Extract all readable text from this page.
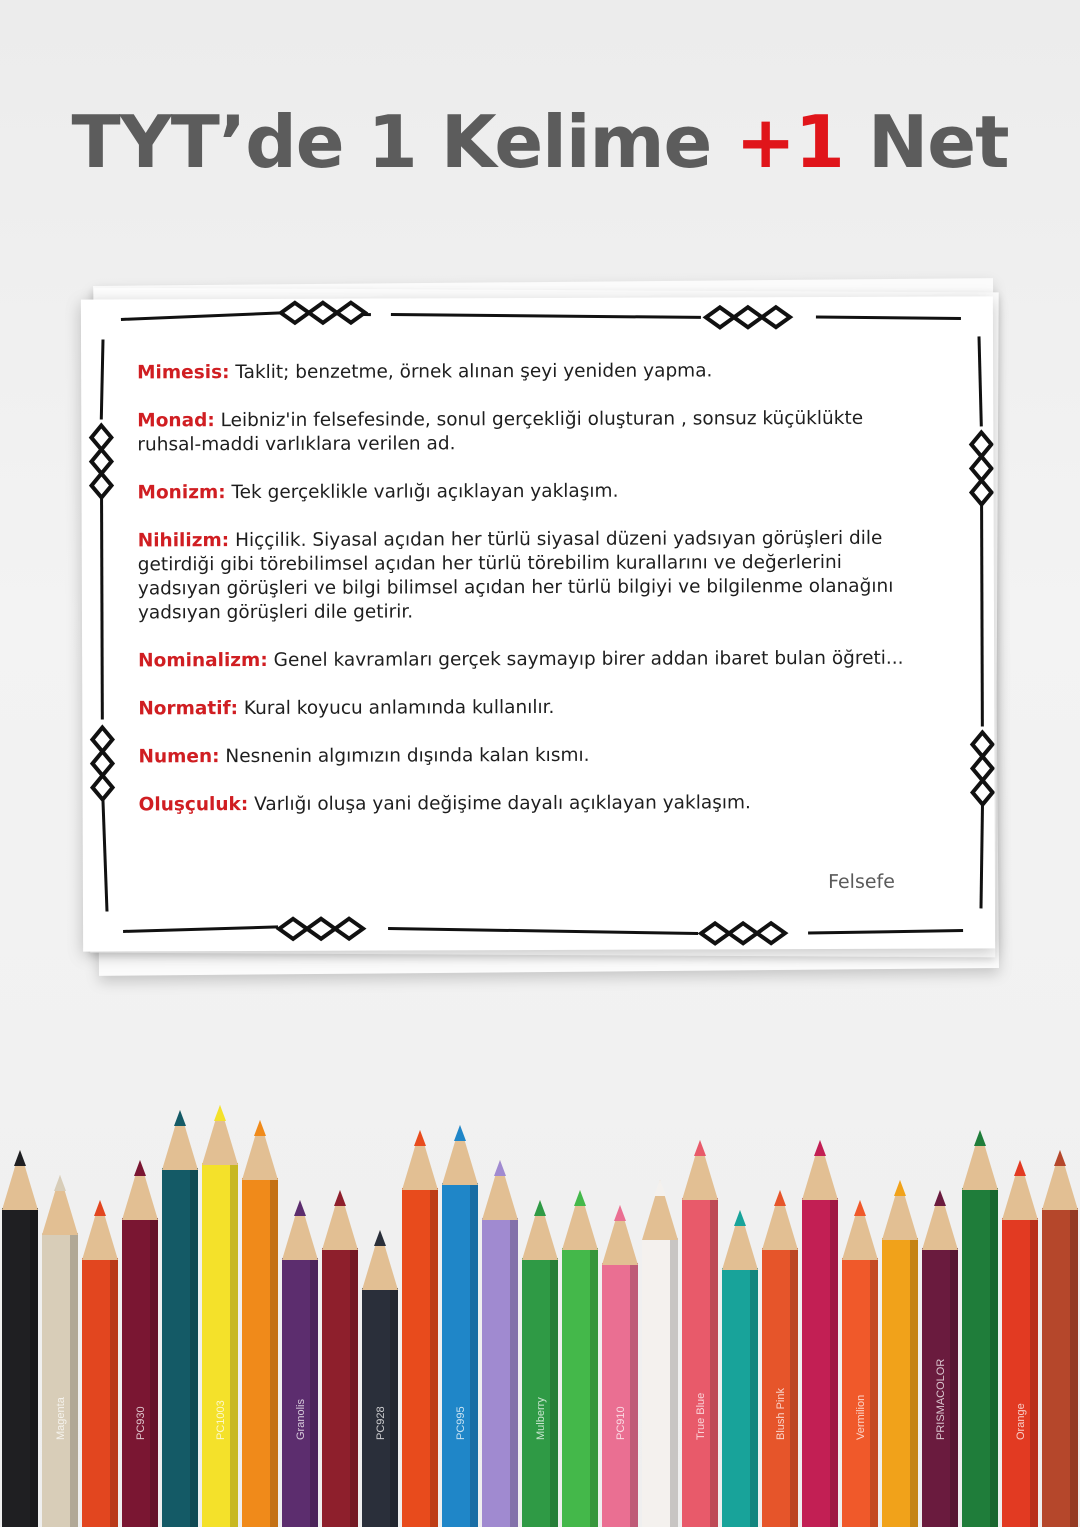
TYT’de 1 Kelime +1 Net

Mimesis: Taklit; benzetme, örnek alınan şeyi yeniden yapma.

Monad: Leibniz'in felsefesinde, sonul gerçekliği oluşturan , sonsuz küçüklükte ruhsal-maddi varlıklara verilen ad.

Monizm: Tek gerçeklikle varlığı açıklayan yaklaşım.

Nihilizm: Hiççilik. Siyasal açıdan her türlü siyasal düzeni yadsıyan görüşleri dile getirdiği gibi törebilimsel açıdan her türlü törebilim kurallarını ve değerlerini yadsıyan görüşleri ve bilgi bilimsel açıdan her türlü bilgiyi ve bilgilenme olanağını yadsıyan görüşleri dile getirir.

Nominalizm: Genel kavramları gerçek saymayıp birer addan ibaret bulan öğreti...

Normatif: Kural koyucu anlamında kullanılır.

Numen: Nesnenin algımızın dışında kalan kısmı.

Oluşçuluk: Varlığı oluşa yani değişime dayalı açıklayan yaklaşım.

Felsefe
Magenta	PC930	PC1003	Granolis	PC928	PC995	Mulberry	PC910	True Blue	Blush Pink	Vermilion	PRISMACOLOR	Orange
